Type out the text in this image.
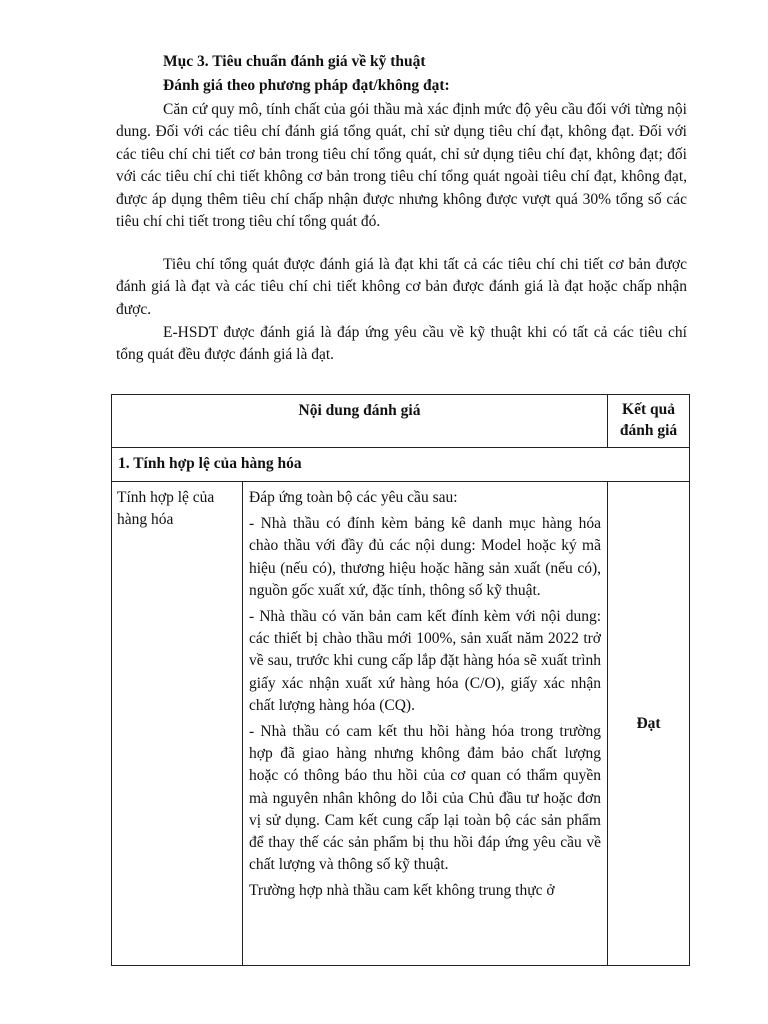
Mục 3. Tiêu chuẩn đánh giá về kỹ thuật
Đánh giá theo phương pháp đạt/không đạt:

Căn cứ quy mô, tính chất của gói thầu mà xác định mức độ yêu cầu đối với từng nội dung. Đối với các tiêu chí đánh giá tổng quát, chỉ sử dụng tiêu chí đạt, không đạt. Đối với các tiêu chí chi tiết cơ bản trong tiêu chí tổng quát, chỉ sử dụng tiêu chí đạt, không đạt; đối với các tiêu chí chi tiết không cơ bản trong tiêu chí tổng quát ngoài tiêu chí đạt, không đạt, được áp dụng thêm tiêu chí chấp nhận được nhưng không được vượt quá 30% tổng số các tiêu chí chi tiết trong tiêu chí tổng quát đó.

Tiêu chí tổng quát được đánh giá là đạt khi tất cả các tiêu chí chi tiết cơ bản được đánh giá là đạt và các tiêu chí chi tiết không cơ bản được đánh giá là đạt hoặc chấp nhận được.

E-HSDT được đánh giá là đáp ứng yêu cầu về kỹ thuật khi có tất cả các tiêu chí tổng quát đều được đánh giá là đạt.

Nội dung đánh giá		Kết quả đánh giá
1. Tính hợp lệ của hàng hóa		
Tính hợp lệ của hàng hóa	Đáp ứng toàn bộ các yêu cầu sau:

- Nhà thầu có đính kèm bảng kê danh mục hàng hóa chào thầu với đầy đủ các nội dung: Model hoặc ký mã hiệu (nếu có), thương hiệu hoặc hãng sản xuất (nếu có), nguồn gốc xuất xứ, đặc tính, thông số kỹ thuật.

- Nhà thầu có văn bản cam kết đính kèm với nội dung: các thiết bị chào thầu mới 100%, sản xuất năm 2022 trở về sau, trước khi cung cấp lắp đặt hàng hóa sẽ xuất trình giấy xác nhận xuất xứ hàng hóa (C/O), giấy xác nhận chất lượng hàng hóa (CQ).

- Nhà thầu có cam kết thu hồi hàng hóa trong trường hợp đã giao hàng nhưng không đảm bảo chất lượng hoặc có thông báo thu hồi của cơ quan có thẩm quyền mà nguyên nhân không do lỗi của Chủ đầu tư hoặc đơn vị sử dụng. Cam kết cung cấp lại toàn bộ các sản phẩm để thay thế các sản phẩm bị thu hồi đáp ứng yêu cầu về chất lượng và thông số kỹ thuật.

Trường hợp nhà thầu cam kết không trung thực ở	Đạt
